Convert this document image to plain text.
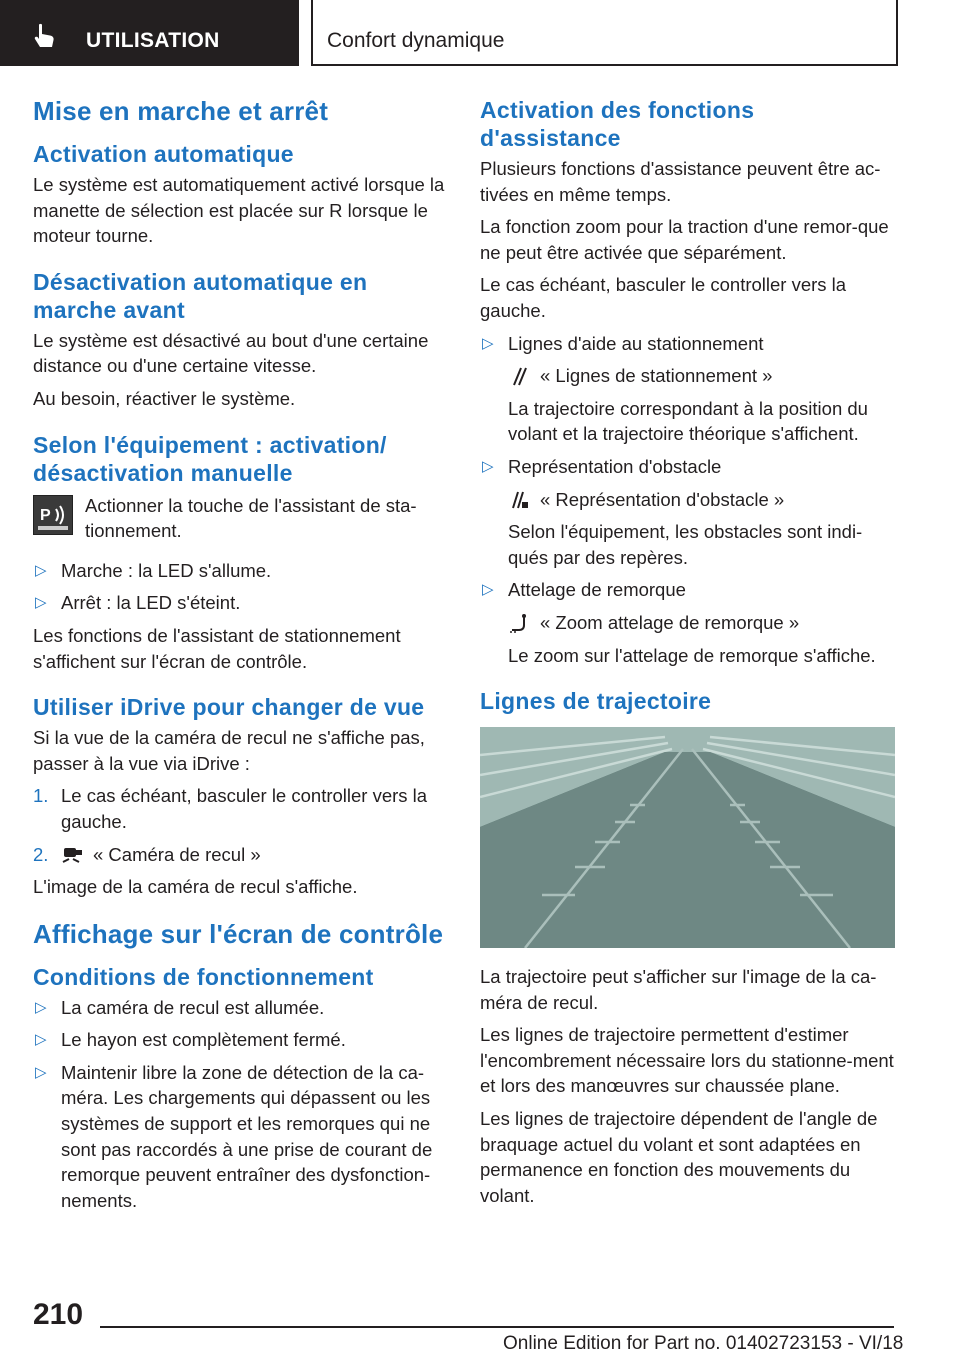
UTILISATION	Confort dynamique
Mise en marche et arrêt
Activation automatique

Le système est automatiquement activé lorsque la manette de sélection est placée sur R lorsque le moteur tourne.

Désactivation automatique en marche avant

Le système est désactivé au bout d'une certaine distance ou d'une certaine vitesse.

Au besoin, réactiver le système.

Selon l'équipement : activation/ désactivation manuelle
P Actionner la touche de l'assistant de sta-tionnement.

▷ Marche : la LED s'allume.
▷ Arrêt : la LED s'éteint.

Les fonctions de l'assistant de stationnement s'affichent sur l'écran de contrôle.

Utiliser iDrive pour changer de vue

Si la vue de la caméra de recul ne s'affiche pas, passer à la vue via iDrive :

1. Le cas échéant, basculer le controller vers la gauche.
2. « Caméra de recul »

L'image de la caméra de recul s'affiche.

Affichage sur l'écran de contrôle
Conditions de fonctionnement
▷ La caméra de recul est allumée.
▷ Le hayon est complètement fermé.
▷ Maintenir libre la zone de détection de la ca-méra. Les chargements qui dépassent ou les systèmes de support et les remorques qui ne sont pas raccordés à une prise de courant de remorque peuvent entraîner des dysfonction-nements.
Activation des fonctions d'assistance

Plusieurs fonctions d'assistance peuvent être ac-tivées en même temps.

La fonction zoom pour la traction d'une remor-que ne peut être activée que séparément.

Le cas échéant, basculer le controller vers la gauche.

▷ Lignes d'aide au stationnement
« Lignes de stationnement »
La trajectoire correspondant à la position du volant et la trajectoire théorique s'affichent.
▷ Représentation d'obstacle
« Représentation d'obstacle »
Selon l'équipement, les obstacles sont indi-qués par des repères.
▷ Attelage de remorque
« Zoom attelage de remorque »
Le zoom sur l'attelage de remorque s'affiche.
Lignes de trajectoire

La trajectoire peut s'afficher sur l'image de la ca-méra de recul.

Les lignes de trajectoire permettent d'estimer l'encombrement nécessaire lors du stationne-ment et lors des manœuvres sur chaussée plane.

Les lignes de trajectoire dépendent de l'angle de braquage actuel du volant et sont adaptées en permanence en fonction des mouvements du volant.

210
Online Edition for Part no. 01402723153 - VI/18
